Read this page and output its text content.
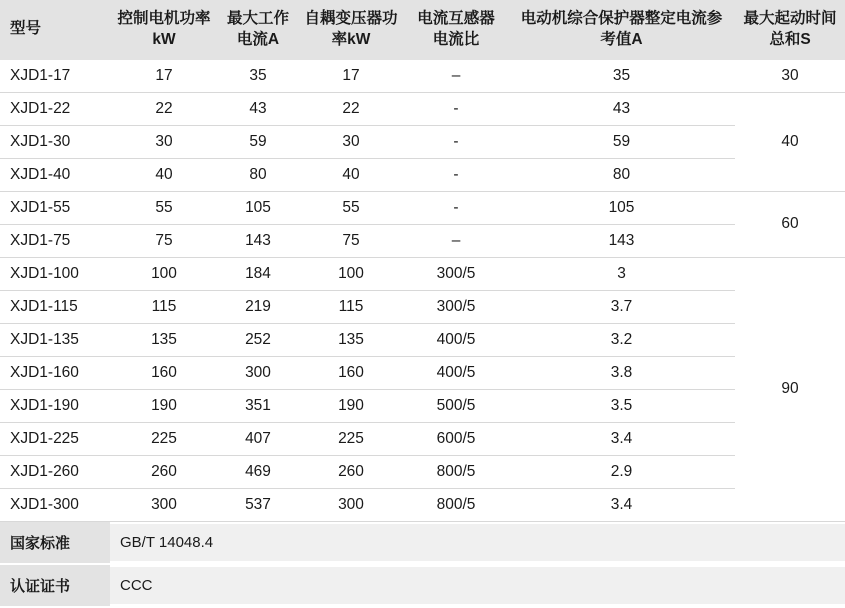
型号	控制电机功率kW	最大工作电流A	自耦变压器功率kW	电流互感器电流比	电动机综合保护器整定电流参考值A	最大起动时间总和S
XJD1-17	17	35	17	–	35	30
XJD1-22	22	43	22	-	43	40
XJD1-30	30	59	30	-	59	
XJD1-40	40	80	40	-	80	
XJD1-55	55	105	55	-	105	60
XJD1-75	75	143	75	–	143	
XJD1-100	100	184	100	300/5	3	90
XJD1-115	115	219	115	300/5	3.7	
XJD1-135	135	252	135	400/5	3.2	
XJD1-160	160	300	160	400/5	3.8	
XJD1-190	190	351	190	500/5	3.5	
XJD1-225	225	407	225	600/5	3.4	
XJD1-260	260	469	260	800/5	2.9	
XJD1-300	300	537	300	800/5	3.4	

国家标准	GB/T 14048.4					

认证证书	CCC					
